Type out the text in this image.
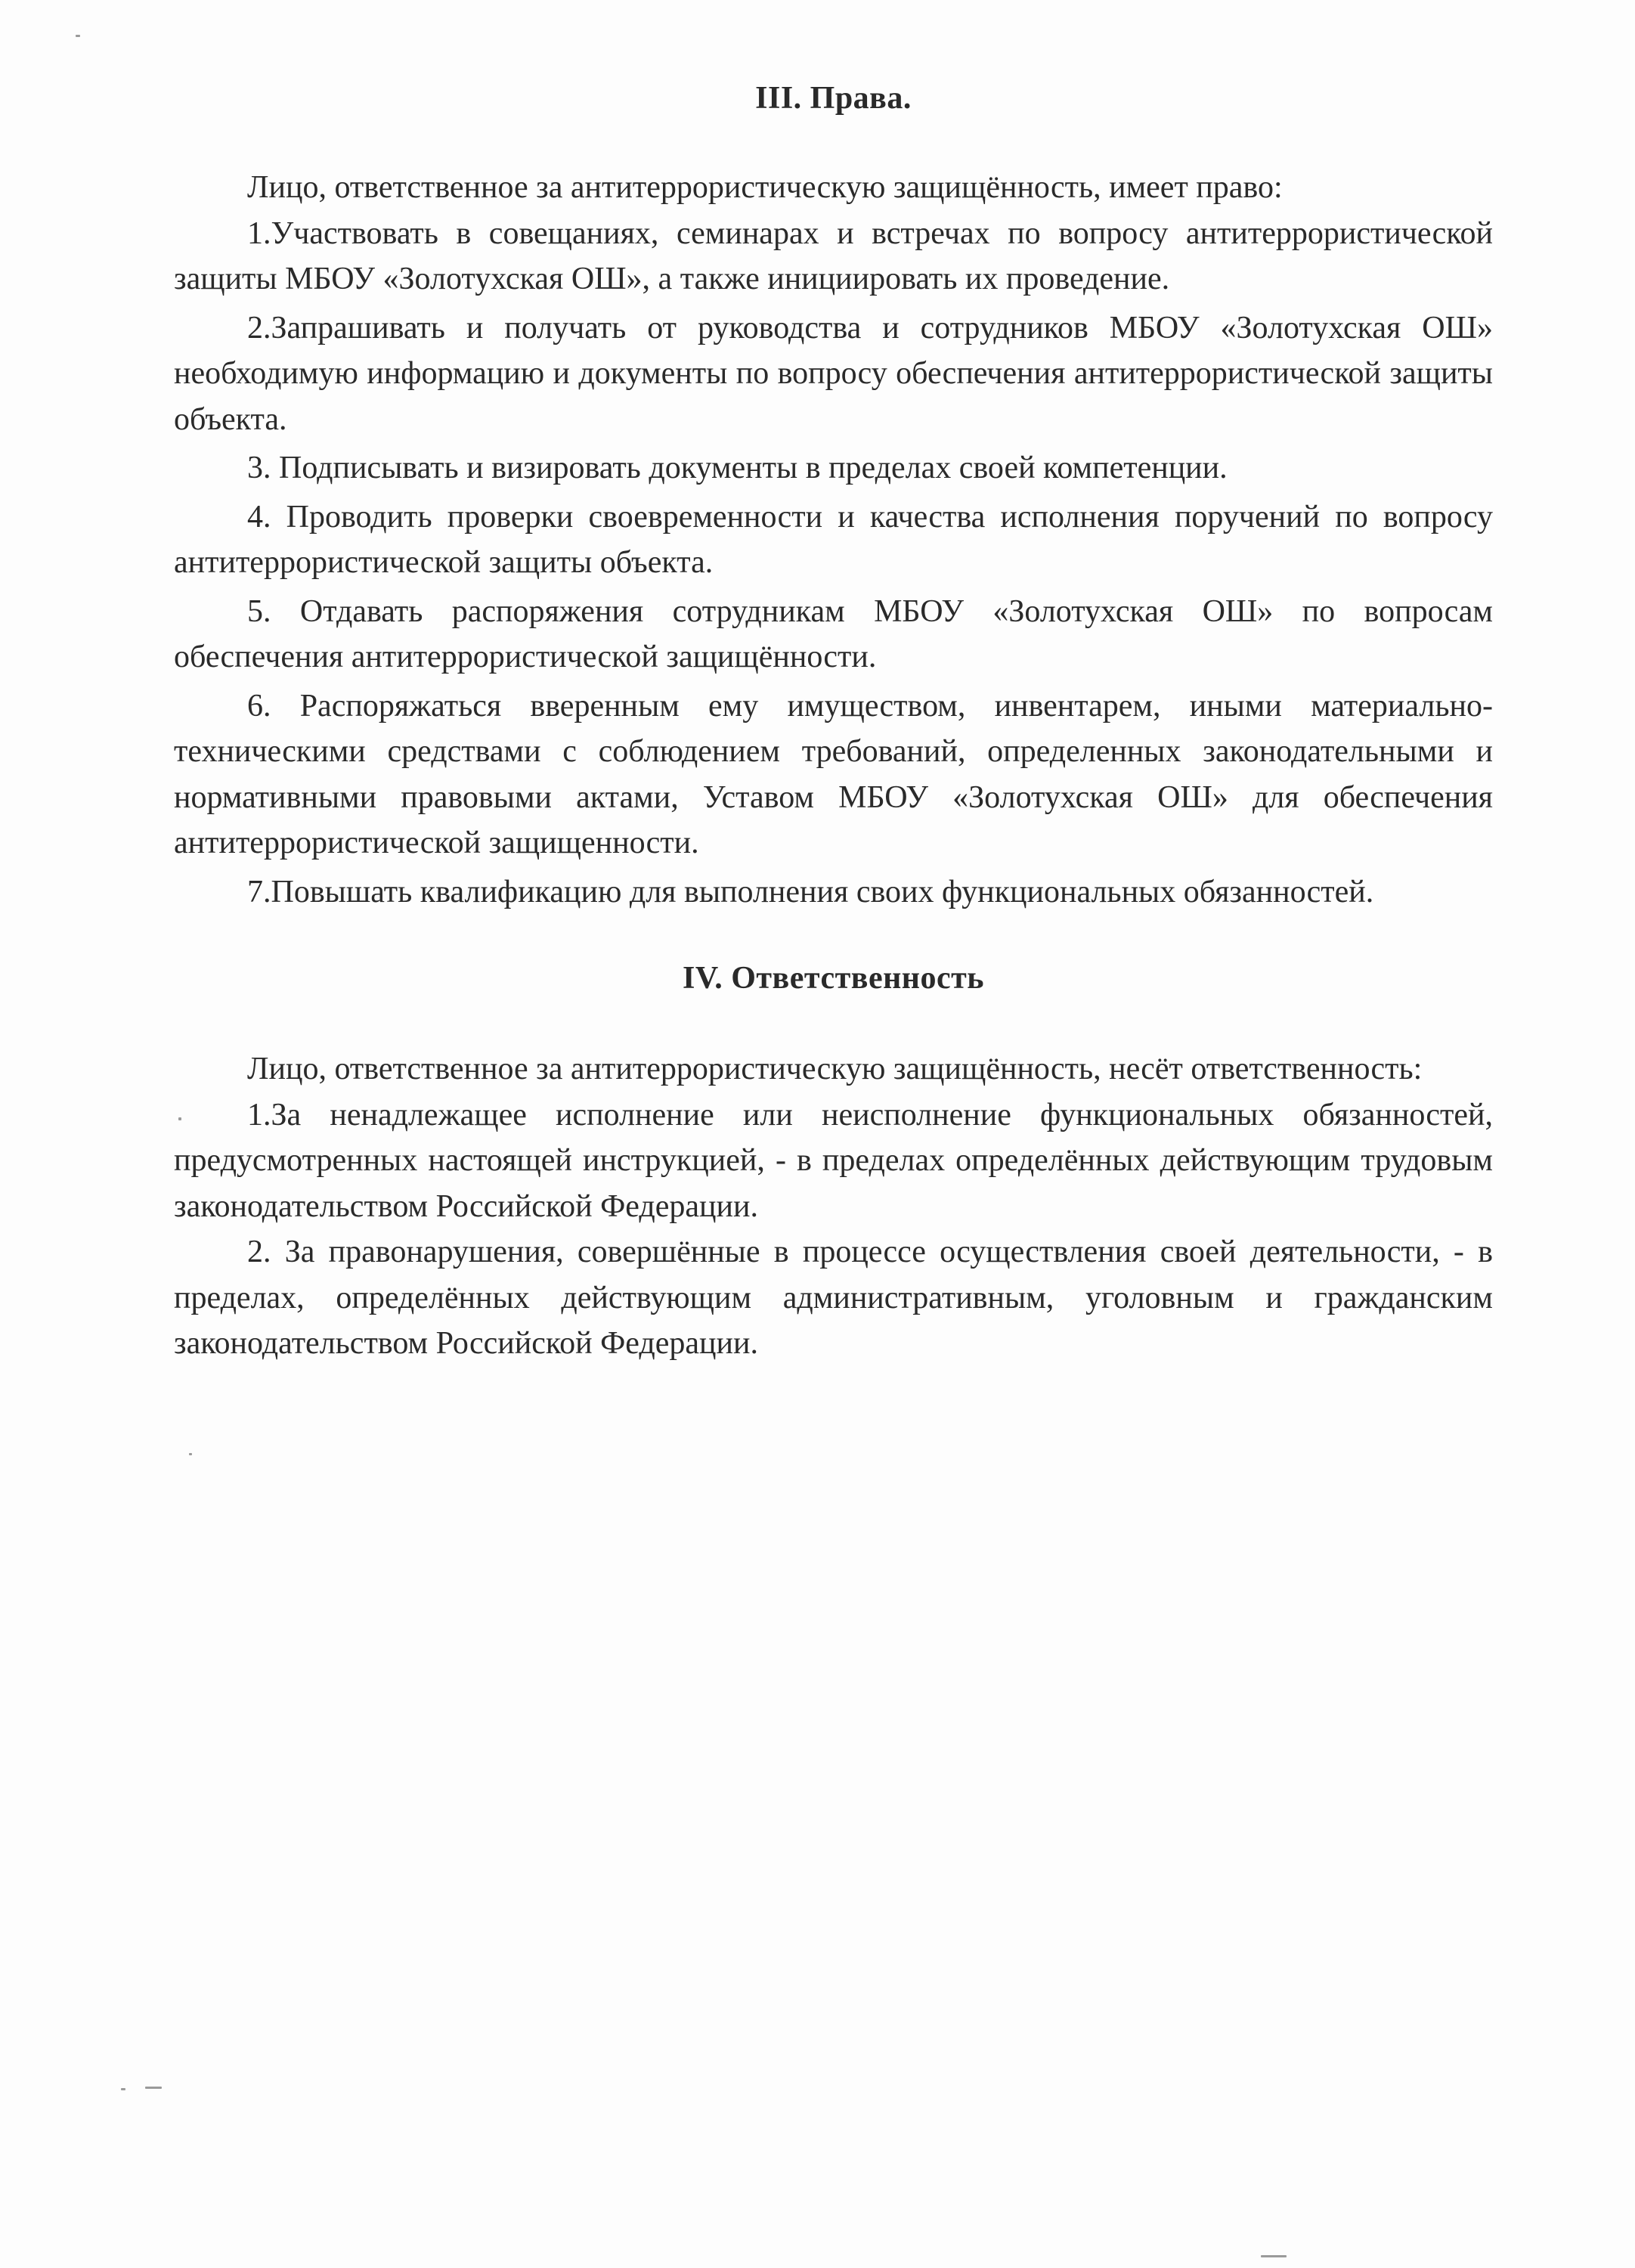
III. Права.

Лицо, ответственное за антитеррористическую защищённость, имеет право:

1.Участвовать в совещаниях, семинарах и встречах по вопросу антитеррористической защиты МБОУ «Золотухская ОШ», а также инициировать их проведение.

2.Запрашивать и получать от руководства и сотрудников МБОУ «Золотухская ОШ» необходимую информацию и документы по вопросу обеспечения антитеррористической защиты объекта.

3. Подписывать и визировать документы в пределах своей компетенции.

4. Проводить проверки своевременности и качества исполнения поручений по вопросу антитеррористической защиты объекта.

5. Отдавать распоряжения сотрудникам МБОУ «Золотухская ОШ» по вопросам обеспечения антитеррористической защищённости.

6. Распоряжаться вверенным ему имуществом, инвентарем, иными материально-техническими средствами с соблюдением требований, определенных законодательными и нормативными правовыми актами, Уставом МБОУ «Золотухская ОШ» для обеспечения антитеррористической защищенности.

7.Повышать квалификацию для выполнения своих функциональных обязанностей.

IV. Ответственность

Лицо, ответственное за антитеррористическую защищённость, несёт ответственность:

1.За ненадлежащее исполнение или неисполнение функциональных обязанностей, предусмотренных настоящей инструкцией, - в пределах определённых действующим трудовым законодательством Российской Федерации.

2. За правонарушения, совершённые в процессе осуществления своей деятельности, - в пределах, определённых действующим административным, уголовным и гражданским законодательством Российской Федерации.
